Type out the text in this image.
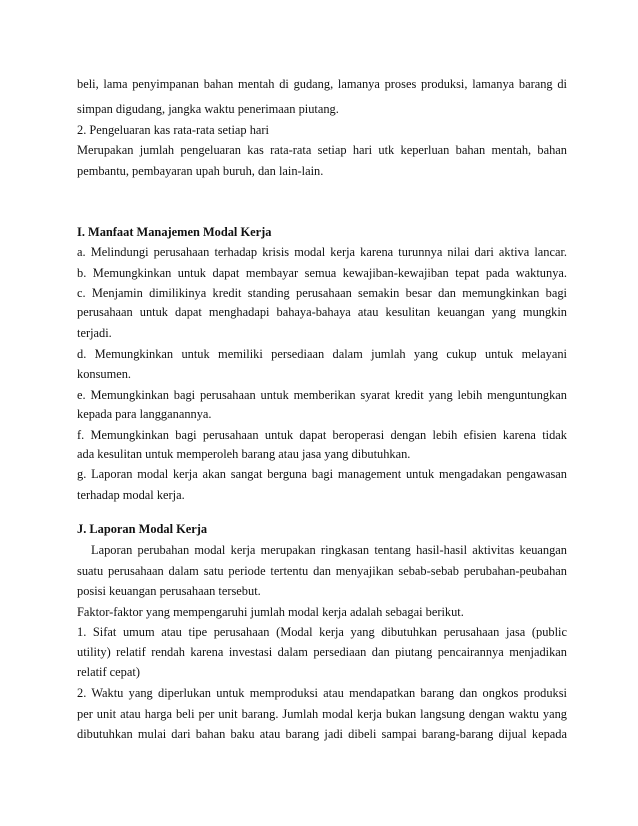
beli, lama penyimpanan bahan mentah di gudang, lamanya proses produksi, lamanya barang di
simpan digudang, jangka waktu penerimaan piutang.
2. Pengeluaran kas rata-rata setiap hari
Merupakan jumlah pengeluaran kas rata-rata setiap hari utk keperluan bahan mentah, bahan
pembantu, pembayaran upah buruh, dan lain-lain.
I. Manfaat Manajemen Modal Kerja
a. Melindungi perusahaan terhadap krisis modal kerja karena turunnya nilai dari aktiva lancar.
b. Memungkinkan untuk dapat membayar semua kewajiban-kewajiban tepat pada waktunya.
c. Menjamin dimilikinya kredit standing perusahaan semakin besar dan memungkinkan bagi
perusahaan untuk dapat menghadapi bahaya-bahaya atau kesulitan keuangan yang mungkin
terjadi.
d. Memungkinkan untuk memiliki persediaan dalam jumlah yang cukup untuk melayani
konsumen.
e. Memungkinkan bagi perusahaan untuk memberikan syarat kredit yang lebih menguntungkan
kepada para langganannya.
f. Memungkinkan bagi perusahaan untuk dapat beroperasi dengan lebih efisien karena tidak
ada kesulitan untuk memperoleh barang atau jasa yang dibutuhkan.
g. Laporan modal kerja akan sangat berguna bagi management untuk mengadakan pengawasan
terhadap modal kerja.
J. Laporan Modal Kerja
Laporan perubahan modal kerja merupakan ringkasan tentang hasil-hasil aktivitas keuangan
suatu perusahaan dalam satu periode tertentu dan menyajikan sebab-sebab perubahan-peubahan
posisi keuangan perusahaan tersebut.
Faktor-faktor yang mempengaruhi jumlah modal kerja adalah sebagai berikut.
1. Sifat umum atau tipe perusahaan (Modal kerja yang dibutuhkan perusahaan jasa (public
utility) relatif rendah karena investasi dalam persediaan dan piutang pencairannya menjadikan
relatif cepat)
2. Waktu yang diperlukan untuk memproduksi atau mendapatkan barang dan ongkos produksi
per unit atau harga beli per unit barang. Jumlah modal kerja bukan langsung dengan waktu yang
dibutuhkan mulai dari bahan baku atau barang jadi dibeli sampai barang-barang dijual kepada
